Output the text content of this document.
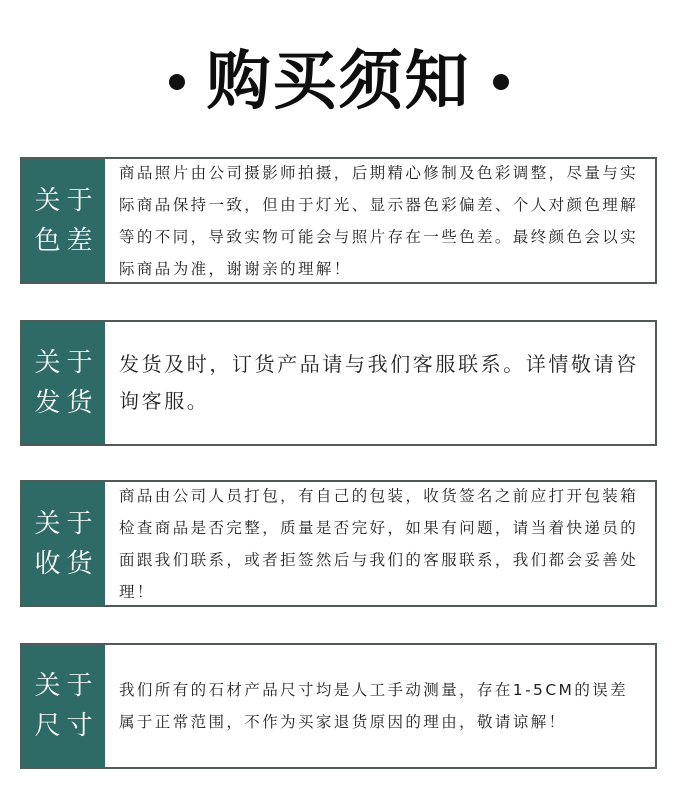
购买须知
关于
色差
商品照片由公司摄影师拍摄，后期精心修制及色彩调整，尽量与实际商品保持一致，但由于灯光、显示器色彩偏差、个人对颜色理解等的不同，导致实物可能会与照片存在一些色差。最终颜色会以实际商品为准，谢谢亲的理解！
关于
发货
发货及时，订货产品请与我们客服联系。详情敬请咨询客服。
关于
收货
商品由公司人员打包，有自己的包装，收货签名之前应打开包装箱检查商品是否完整，质量是否完好，如果有问题，请当着快递员的面跟我们联系，或者拒签然后与我们的客服联系，我们都会妥善处理！
关于
尺寸
我们所有的石材产品尺寸均是人工手动测量，存在1-5CM的误差属于正常范围，不作为买家退货原因的理由，敬请谅解！
